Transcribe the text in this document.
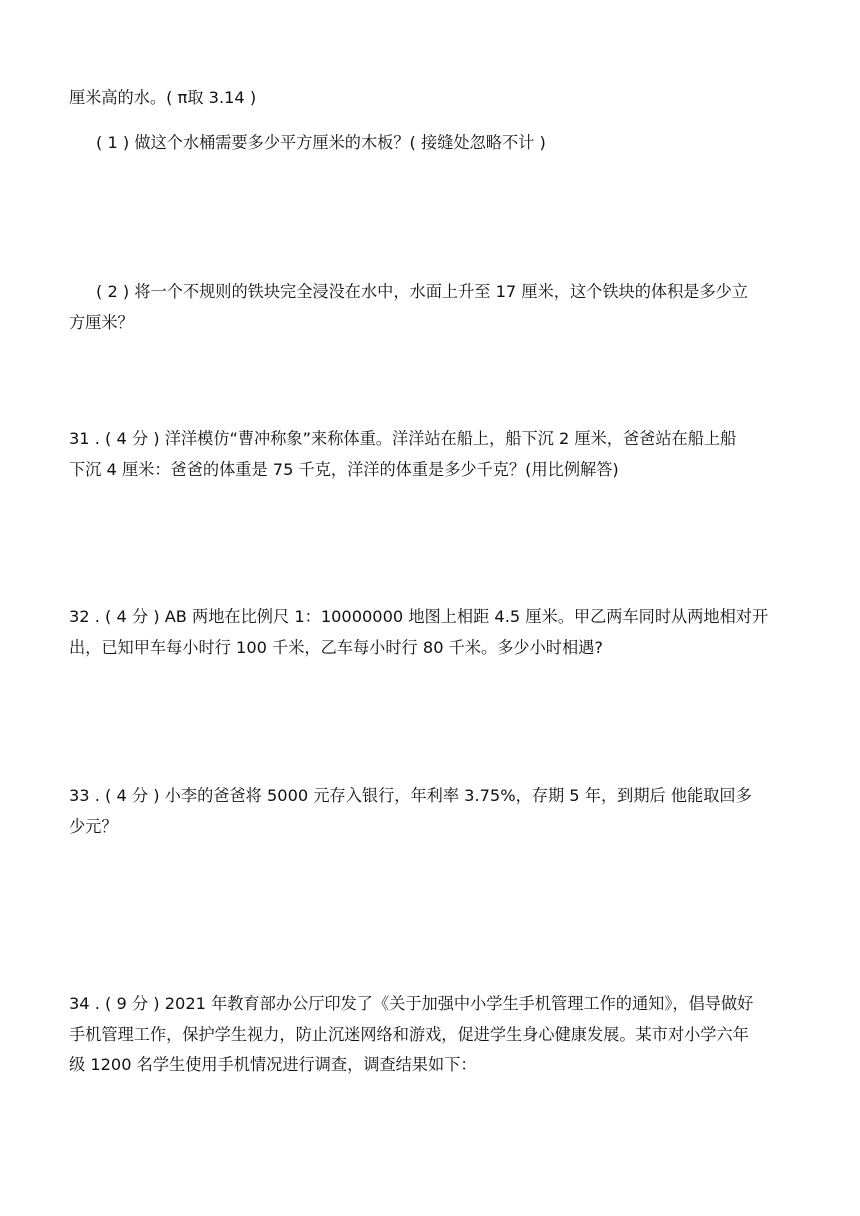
厘米高的水。( π取 3.14 )
( 1 ) 做这个水桶需要多少平方厘米的木板？( 接缝处忽略不计 )
( 2 ) 将一个不规则的铁块完全浸没在水中，水面上升至 17 厘米，这个铁块的体积是多少立
方厘米？
31 . ( 4 分 ) 洋洋模仿“曹冲称象”来称体重。洋洋站在船上，船下沉 2 厘米，爸爸站在船上船
下沉 4 厘米：爸爸的体重是 75 千克，洋洋的体重是多少千克？(用比例解答)
32 . ( 4 分 ) AB 两地在比例尺 1：10000000 地图上相距 4.5 厘米。甲乙两车同时从两地相对开
出，已知甲车每小时行 100 千米，乙车每小时行 80 千米。多少小时相遇?
33 . ( 4 分 ) 小李的爸爸将 5000 元存入银行，年利率 3.75%，存期 5 年，到期后 他能取回多
少元？
34 . ( 9 分 ) 2021 年教育部办公厅印发了《关于加强中小学生手机管理工作的通知》，倡导做好
手机管理工作，保护学生视力，防止沉迷网络和游戏，促进学生身心健康发展。某市对小学六年
级 1200 名学生使用手机情况进行调查，调查结果如下：
